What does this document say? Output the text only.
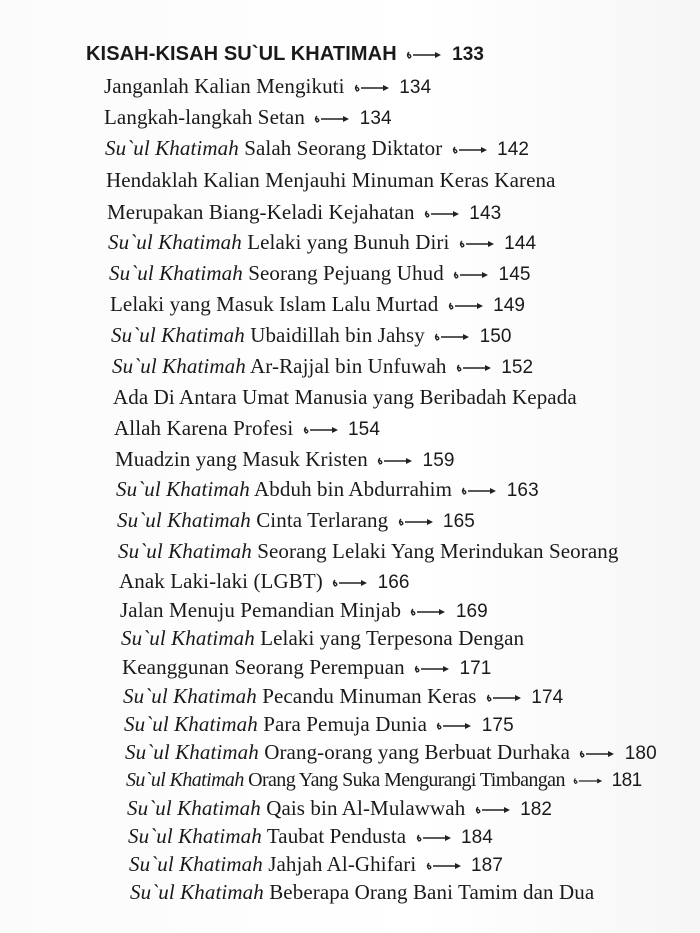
KISAH-KISAH SU`UL KHATIMAH	133
Janganlah Kalian Mengikuti	134
Langkah-langkah Setan	134
Su`ul Khatimah Salah Seorang Diktator	142
Hendaklah Kalian Menjauhi Minuman Keras Karena
Merupakan Biang-Keladi Kejahatan	143
Su`ul Khatimah Lelaki yang Bunuh Diri	144
Su`ul Khatimah Seorang Pejuang Uhud	145
Lelaki yang Masuk Islam Lalu Murtad	149
Su`ul Khatimah Ubaidillah bin Jahsy	150
Su`ul Khatimah Ar-Rajjal bin Unfuwah	152
Ada Di Antara Umat Manusia yang Beribadah Kepada
Allah Karena Profesi	154
Muadzin yang Masuk Kristen	159
Su`ul Khatimah Abduh bin Abdurrahim	163
Su`ul Khatimah Cinta Terlarang	165
Su`ul Khatimah Seorang Lelaki Yang Merindukan Seorang
Anak Laki-laki (LGBT)	166
Jalan Menuju Pemandian Minjab	169
Su`ul Khatimah Lelaki yang Terpesona Dengan
Keanggunan Seorang Perempuan	171
Su`ul Khatimah Pecandu Minuman Keras	174
Su`ul Khatimah Para Pemuja Dunia	175
Su`ul Khatimah Orang-orang yang Berbuat Durhaka	180
Su`ul Khatimah Orang Yang Suka Mengurangi Timbangan 181
Su`ul Khatimah Qais bin Al-Mulawwah	182
Su`ul Khatimah Taubat Pendusta	184
Su`ul Khatimah Jahjah Al-Ghifari	187
Su`ul Khatimah Beberapa Orang Bani Tamim dan Dua
